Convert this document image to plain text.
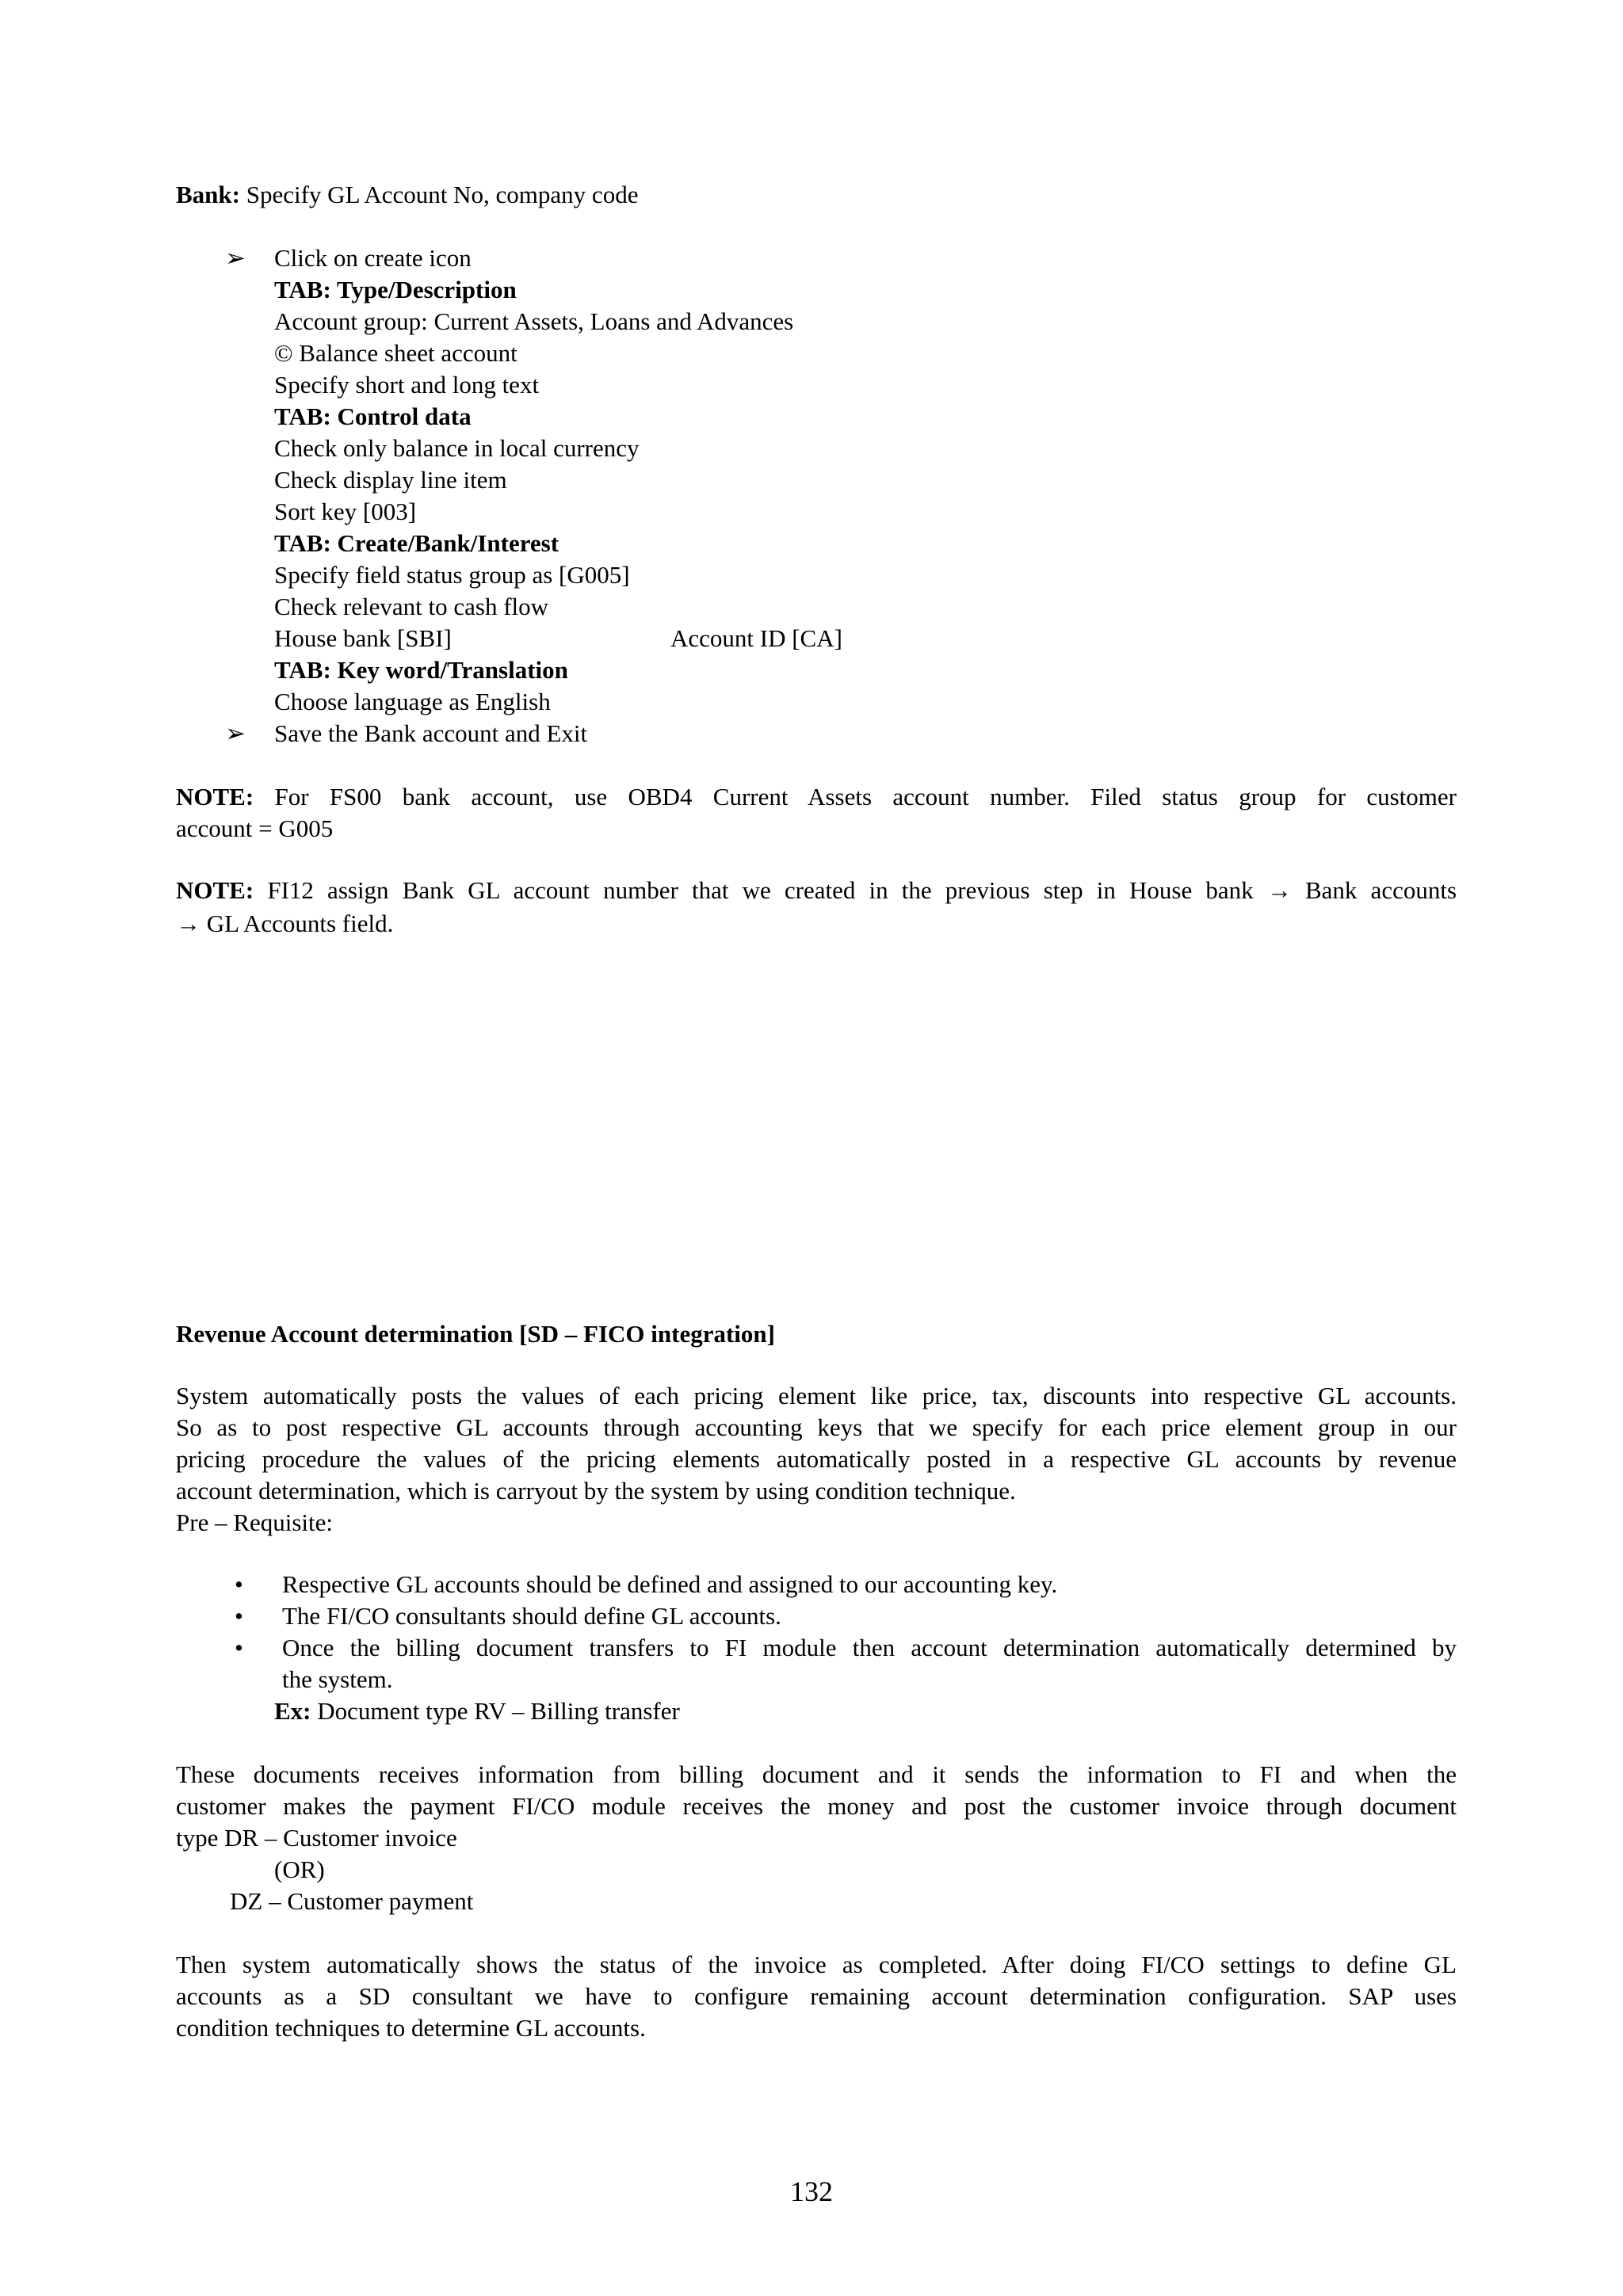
Bank: Specify GL Account No, company code
➢ Click on create icon
TAB: Type/Description
Account group: Current Assets, Loans and Advances
© Balance sheet account
Specify short and long text
TAB: Control data
Check only balance in local currency
Check display line item
Sort key [003]
TAB: Create/Bank/Interest
Specify field status group as [G005]
Check relevant to cash flow
House bank [SBI]	Account ID [CA]
TAB: Key word/Translation
Choose language as English
➢ Save the Bank account and Exit
NOTE: For FS00 bank account, use OBD4 Current Assets account number. Filed status group for customer
account = G005
NOTE: FI12 assign Bank GL account number that we created in the previous step in House bank → Bank accounts
→ GL Accounts field.
Revenue Account determination [SD – FICO integration]
System automatically posts the values of each pricing element like price, tax, discounts into respective GL accounts.
So as to post respective GL accounts through accounting keys that we specify for each price element group in our
pricing procedure the values of the pricing elements automatically posted in a respective GL accounts by revenue
account determination, which is carryout by the system by using condition technique.
Pre – Requisite:
• Respective GL accounts should be defined and assigned to our accounting key.
• The FI/CO consultants should define GL accounts.
• Once the billing document transfers to FI module then account determination automatically determined by
the system.
Ex: Document type RV – Billing transfer
These documents receives information from billing document and it sends the information to FI and when the
customer makes the payment FI/CO module receives the money and post the customer invoice through document
type DR – Customer invoice
(OR)
DZ – Customer payment
Then system automatically shows the status of the invoice as completed. After doing FI/CO settings to define GL
accounts as a SD consultant we have to configure remaining account determination configuration. SAP uses
condition techniques to determine GL accounts.
132
